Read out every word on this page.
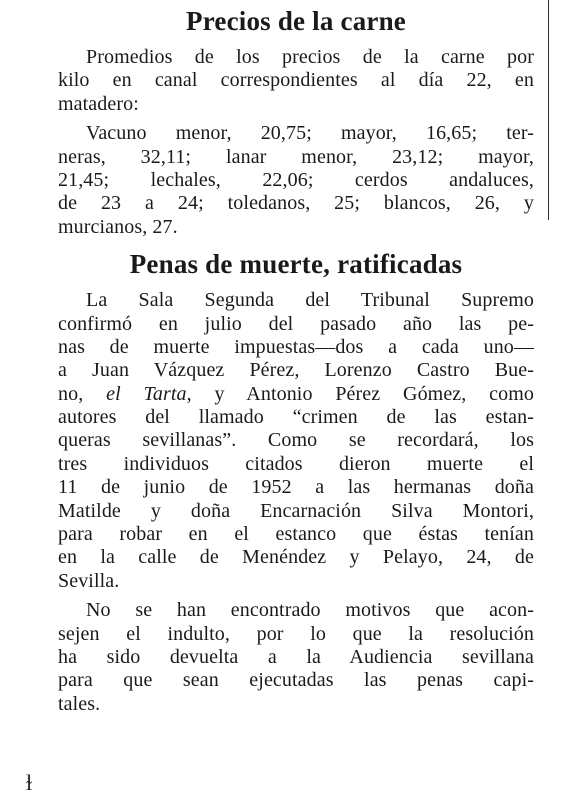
Precios de la carne
Promedios de los precios de la carne por
kilo en canal correspondientes al día 22, en
matadero:
Vacuno menor, 20,75; mayor, 16,65; ter-
neras, 32,11; lanar menor, 23,12; mayor,
21,45; lechales, 22,06; cerdos andaluces,
de 23 a 24; toledanos, 25; blancos, 26, y
murcianos, 27.
Penas de muerte, ratificadas
La Sala Segunda del Tribunal Supremo
confirmó en julio del pasado año las pe-
nas de muerte impuestas—dos a cada uno—
a Juan Vázquez Pérez, Lorenzo Castro Bue-
no, el Tarta, y Antonio Pérez Gómez, como
autores del llamado “crimen de las estan-
queras sevillanas”. Como se recordará, los
tres individuos citados dieron muerte el
11 de junio de 1952 a las hermanas doña
Matilde y doña Encarnación Silva Montori,
para robar en el estanco que éstas tenían
en la calle de Menéndez y Pelayo, 24, de
Sevilla.
No se han encontrado motivos que acon-
sejen el indulto, por lo que la resolución
ha sido devuelta a la Audiencia sevillana
para que sean ejecutadas las penas capi-
tales.
ɫ
